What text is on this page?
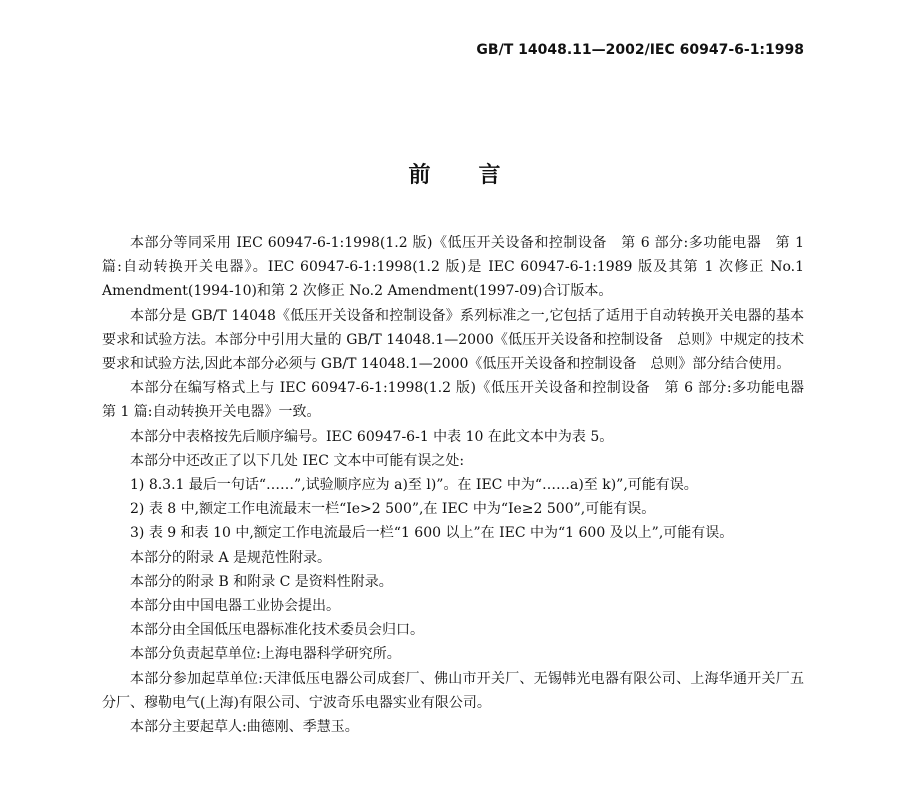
GB/T 14048.11—2002/IEC 60947-6-1:1998
前言

本部分等同采用 IEC 60947-6-1:1998(1.2 版)《低压开关设备和控制设备　第 6 部分:多功能电器　第 1 篇:自动转换开关电器》。IEC 60947-6-1:1998(1.2 版)是 IEC 60947-6-1:1989 版及其第 1 次修正 No.1 Amendment(1994-10)和第 2 次修正 No.2 Amendment(1997-09)合订版本。

本部分是 GB/T 14048《低压开关设备和控制设备》系列标准之一,它包括了适用于自动转换开关电器的基本要求和试验方法。本部分中引用大量的 GB/T 14048.1—2000《低压开关设备和控制设备　总则》中规定的技术要求和试验方法,因此本部分必须与 GB/T 14048.1—2000《低压开关设备和控制设备　总则》部分结合使用。

本部分在编写格式上与 IEC 60947-6-1:1998(1.2 版)《低压开关设备和控制设备　第 6 部分:多功能电器　第 1 篇:自动转换开关电器》一致。

本部分中表格按先后顺序编号。IEC 60947-6-1 中表 10 在此文本中为表 5。

本部分中还改正了以下几处 IEC 文本中可能有误之处:

1) 8.3.1 最后一句话“……”,试验顺序应为 a)至 l)”。在 IEC 中为“……a)至 k)”,可能有误。

2) 表 8 中,额定工作电流最末一栏“Ie>2 500”,在 IEC 中为“Ie≥2 500”,可能有误。

3) 表 9 和表 10 中,额定工作电流最后一栏“1 600 以上”在 IEC 中为“1 600 及以上”,可能有误。

本部分的附录 A 是规范性附录。

本部分的附录 B 和附录 C 是资料性附录。

本部分由中国电器工业协会提出。

本部分由全国低压电器标准化技术委员会归口。

本部分负责起草单位:上海电器科学研究所。

本部分参加起草单位:天津低压电器公司成套厂、佛山市开关厂、无锡韩光电器有限公司、上海华通开关厂五分厂、穆勒电气(上海)有限公司、宁波奇乐电器实业有限公司。

本部分主要起草人:曲德刚、季慧玉。
